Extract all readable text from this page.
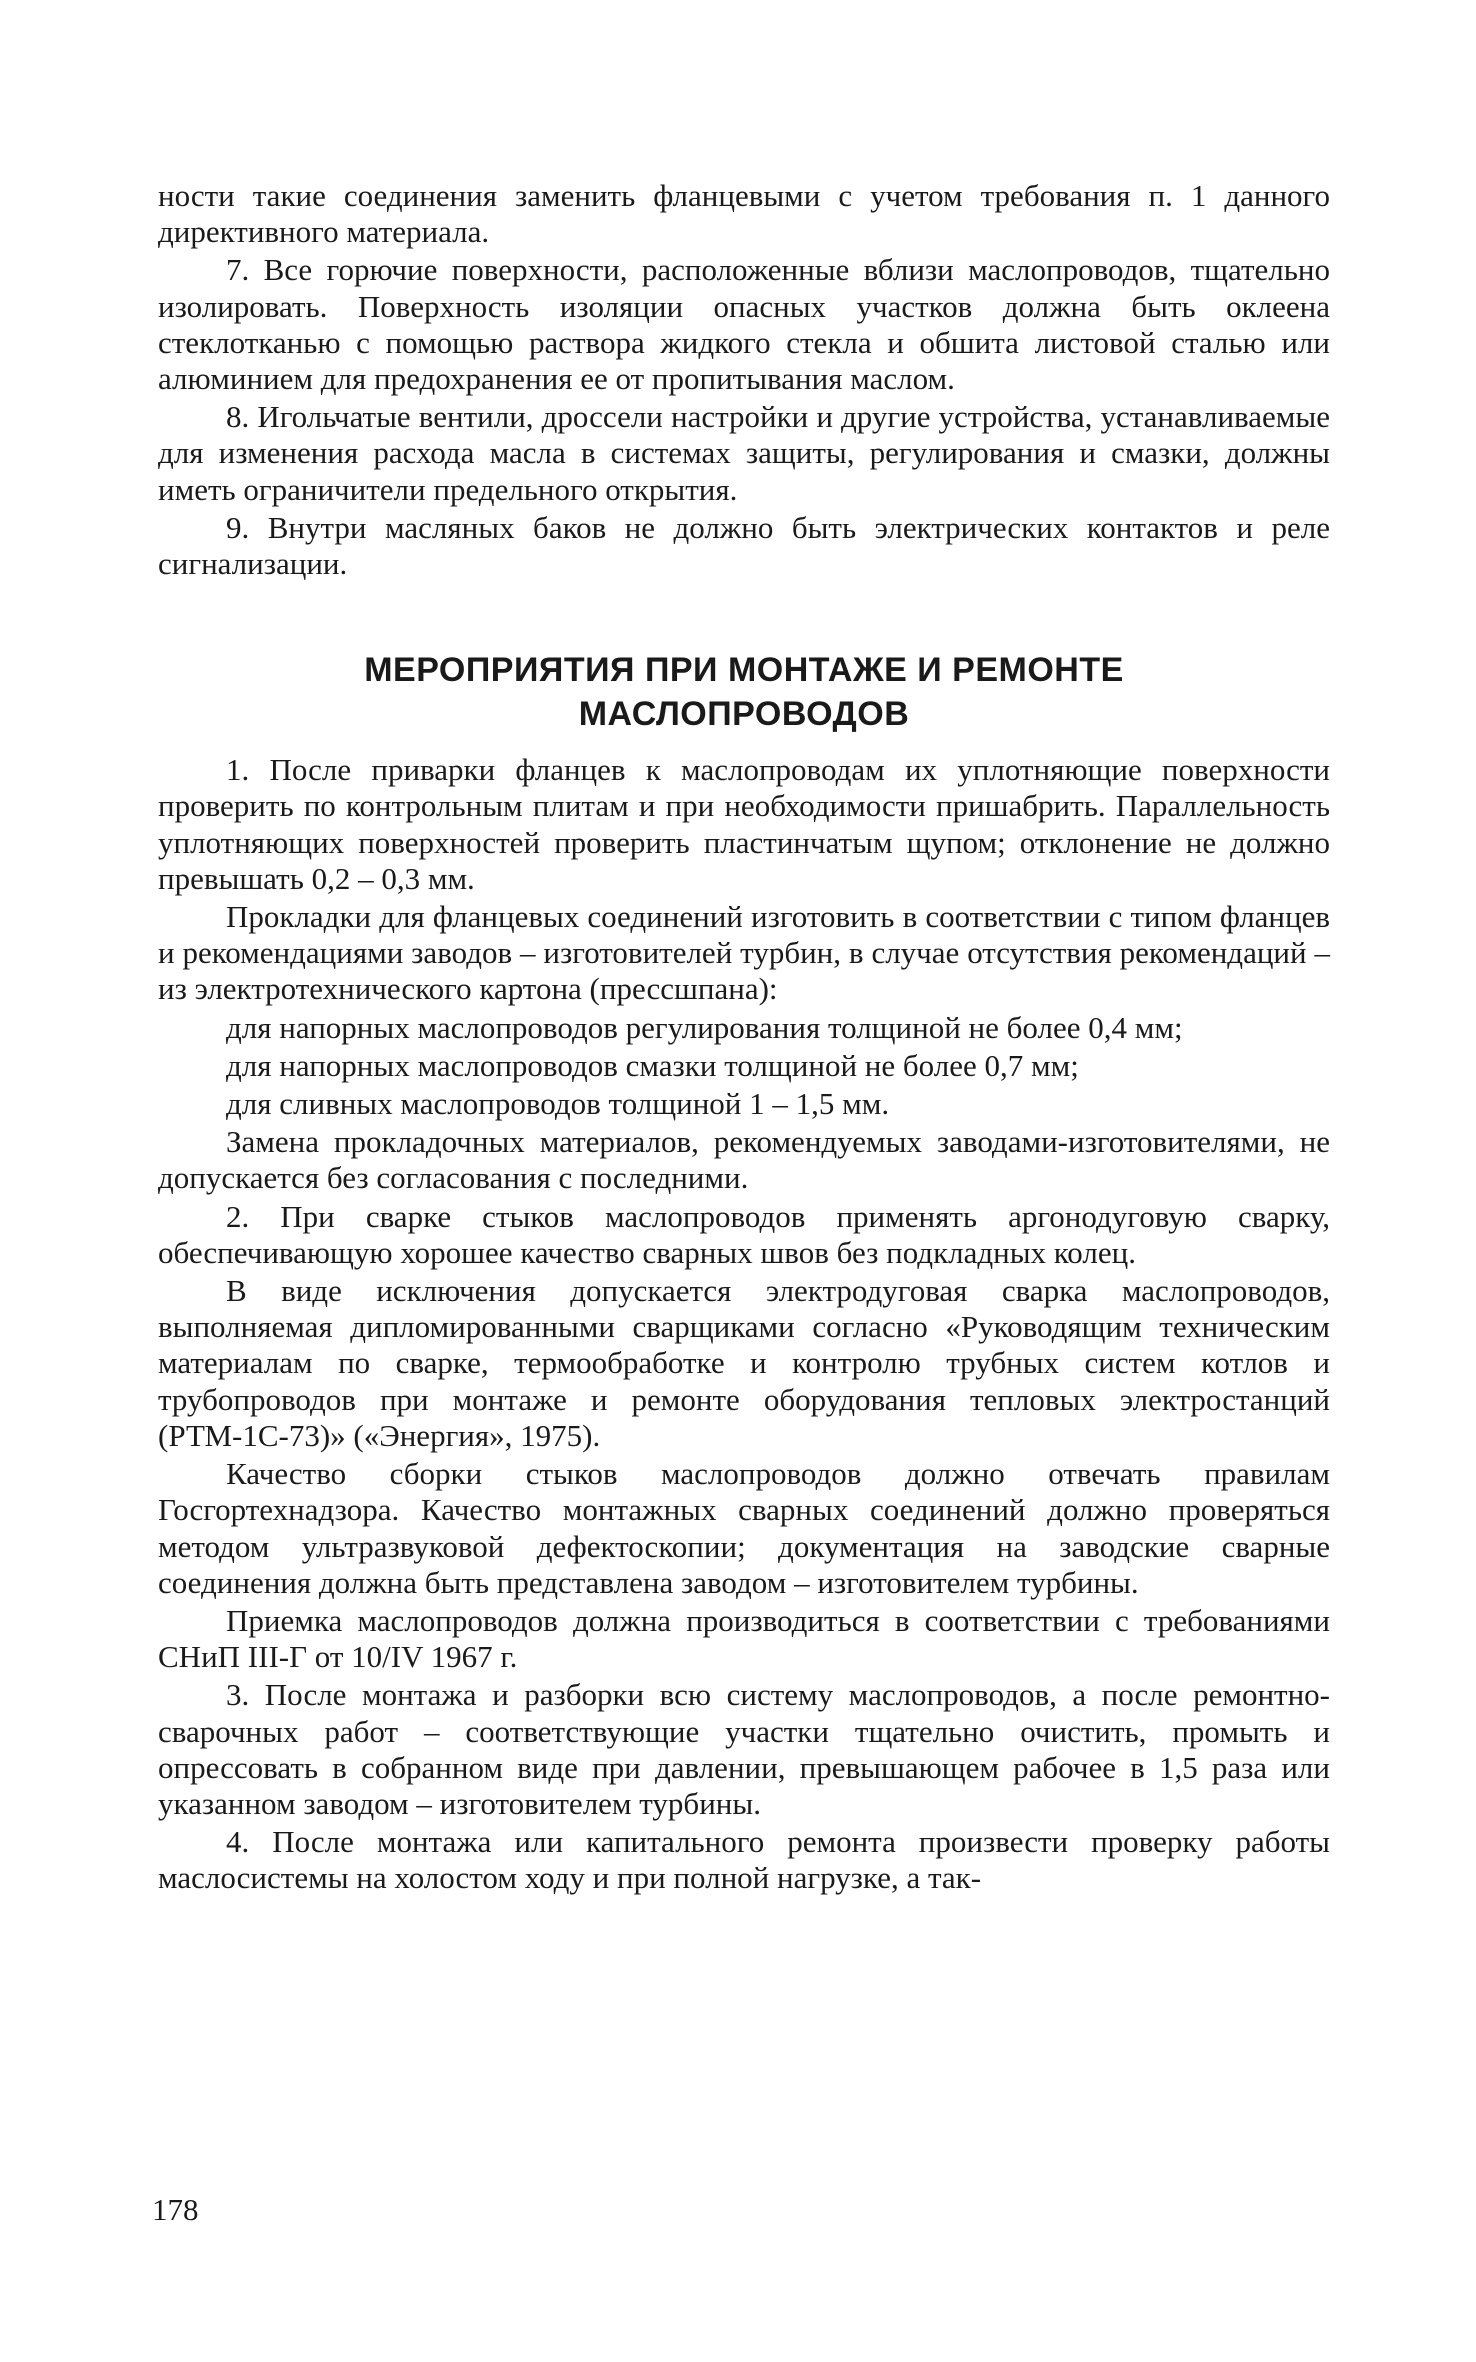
ности такие соединения заменить фланцевыми с учетом требования п. 1 данного директивного материала.

7. Все горючие поверхности, расположенные вблизи маслопроводов, тщательно изолировать. Поверхность изоляции опасных участков должна быть оклеена стеклотканью с помощью раствора жидкого стекла и обшита листовой сталью или алюминием для предохранения ее от пропитывания маслом.

8. Игольчатые вентили, дроссели настройки и другие устройства, устанавливаемые для изменения расхода масла в системах защиты, регулирования и смазки, должны иметь ограничители предельного открытия.

9. Внутри масляных баков не должно быть электрических контактов и реле сигнализации.

МЕРОПРИЯТИЯ ПРИ МОНТАЖЕ И РЕМОНТЕ МАСЛОПРОВОДОВ

1. После приварки фланцев к маслопроводам их уплотняющие поверхности проверить по контрольным плитам и при необходимости пришабрить. Параллельность уплотняющих поверхностей проверить пластинчатым щупом; отклонение не должно превышать 0,2 – 0,3 мм.

Прокладки для фланцевых соединений изготовить в соответствии с типом фланцев и рекомендациями заводов – изготовителей турбин, в случае отсутствия рекомендаций – из электротехнического картона (прессшпана):

для напорных маслопроводов регулирования толщиной не более 0,4 мм;

для напорных маслопроводов смазки толщиной не более 0,7 мм;

для сливных маслопроводов толщиной 1 – 1,5 мм.

Замена прокладочных материалов, рекомендуемых заводами-изготовителями, не допускается без согласования с последними.

2. При сварке стыков маслопроводов применять аргонодуговую сварку, обеспечивающую хорошее качество сварных швов без подкладных колец.

В виде исключения допускается электродуговая сварка маслопроводов, выполняемая дипломированными сварщиками согласно «Руководящим техническим материалам по сварке, термообработке и контролю трубных систем котлов и трубопроводов при монтаже и ремонте оборудования тепловых электростанций (РТМ-1С-73)» («Энергия», 1975).

Качество сборки стыков маслопроводов должно отвечать правилам Госгортехнадзора. Качество монтажных сварных соединений должно проверяться методом ультразвуковой дефектоскопии; документация на заводские сварные соединения должна быть представлена заводом – изготовителем турбины.

Приемка маслопроводов должна производиться в соответствии с требованиями СНиП III-Г от 10/IV 1967 г.

3. После монтажа и разборки всю систему маслопроводов, а после ремонтно-сварочных работ – соответствующие участки тщательно очистить, промыть и опрессовать в собранном виде при давлении, превышающем рабочее в 1,5 раза или указанном заводом – изготовителем турбины.

4. После монтажа или капитального ремонта произвести проверку работы маслосистемы на холостом ходу и при полной нагрузке, а так-

178
